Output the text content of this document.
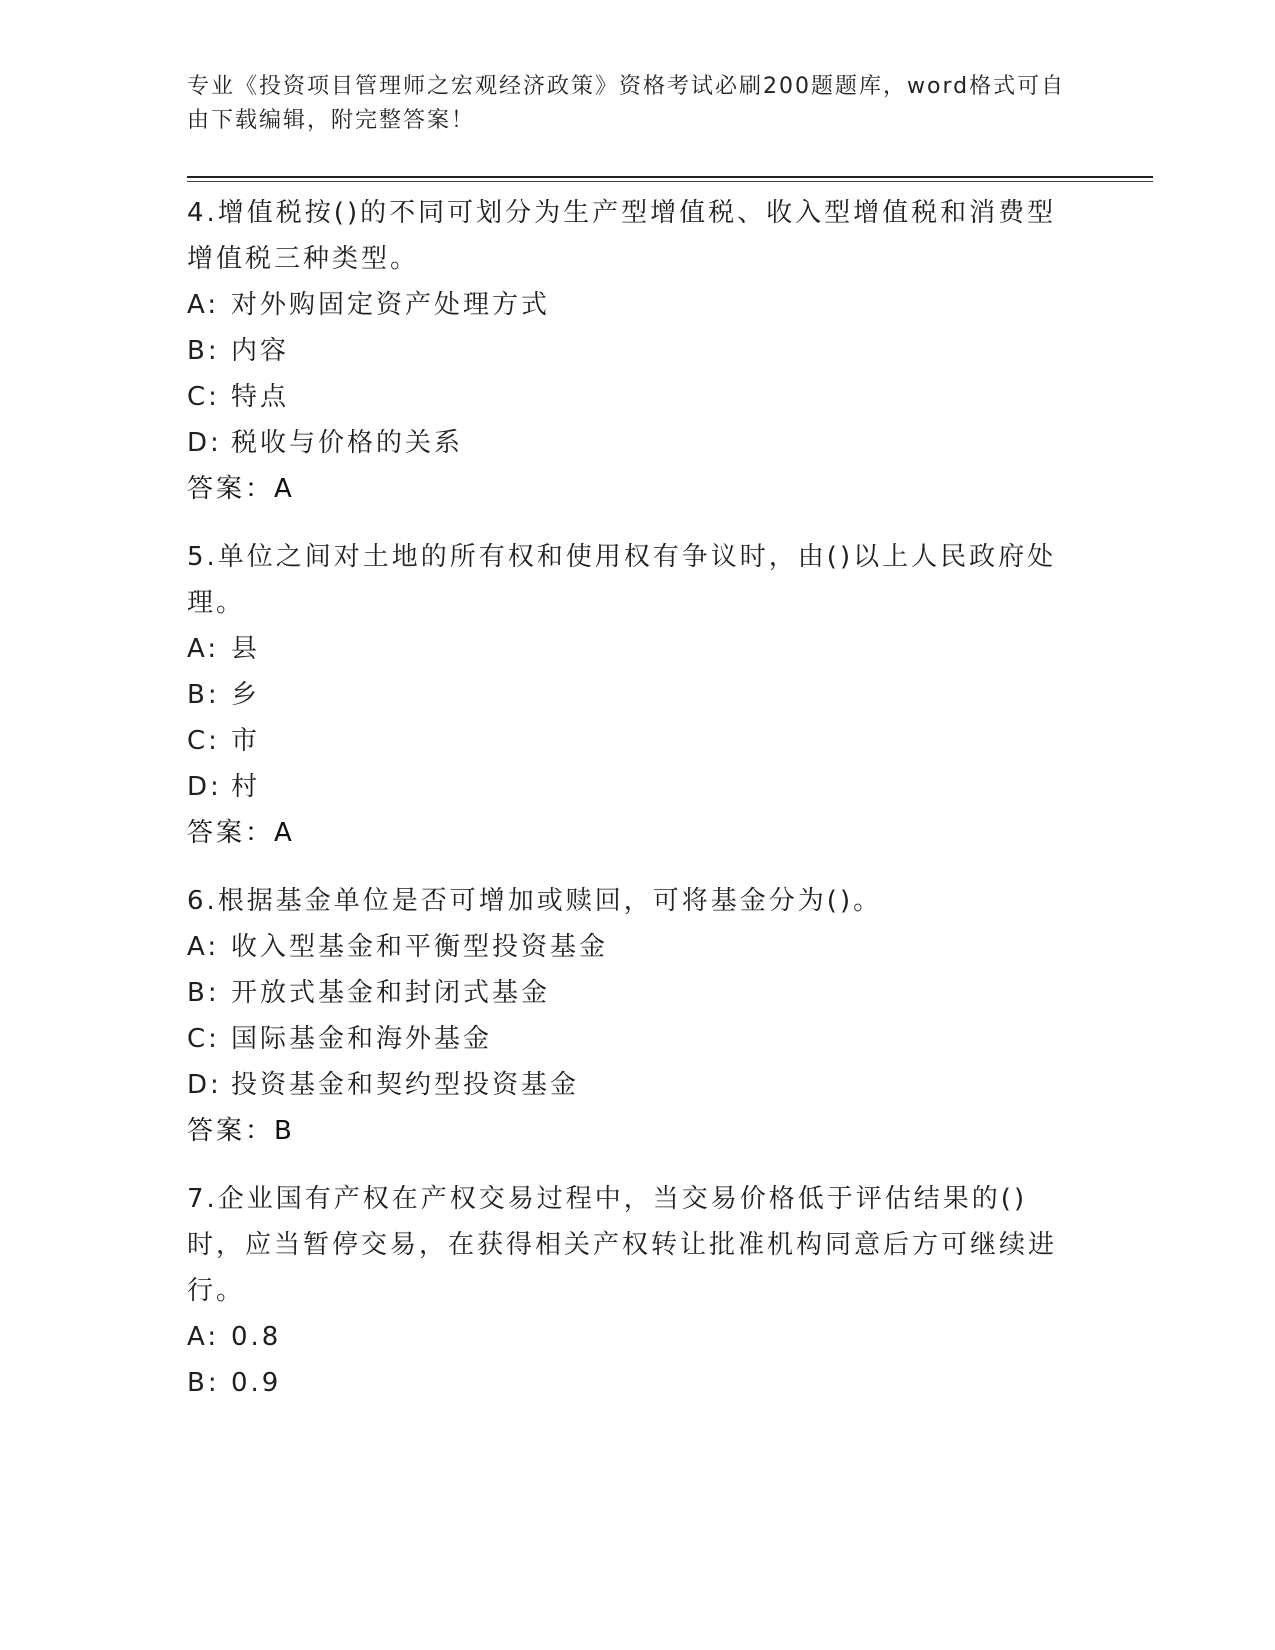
专业《投资项目管理师之宏观经济政策》资格考试必刷200题题库，word格式可自由下载编辑，附完整答案！
4.增值税按()的不同可划分为生产型增值税、收入型增值税和消费型增值税三种类型。
A: 对外购固定资产处理方式
B: 内容
C: 特点
D: 税收与价格的关系
答案：A
5.单位之间对土地的所有权和使用权有争议时，由()以上人民政府处理。
A: 县
B: 乡
C: 市
D: 村
答案：A
6.根据基金单位是否可增加或赎回，可将基金分为()。
A: 收入型基金和平衡型投资基金
B: 开放式基金和封闭式基金
C: 国际基金和海外基金
D: 投资基金和契约型投资基金
答案：B
7.企业国有产权在产权交易过程中，当交易价格低于评估结果的()时，应当暂停交易，在获得相关产权转让批准机构同意后方可继续进行。
A: 0.8
B: 0.9
